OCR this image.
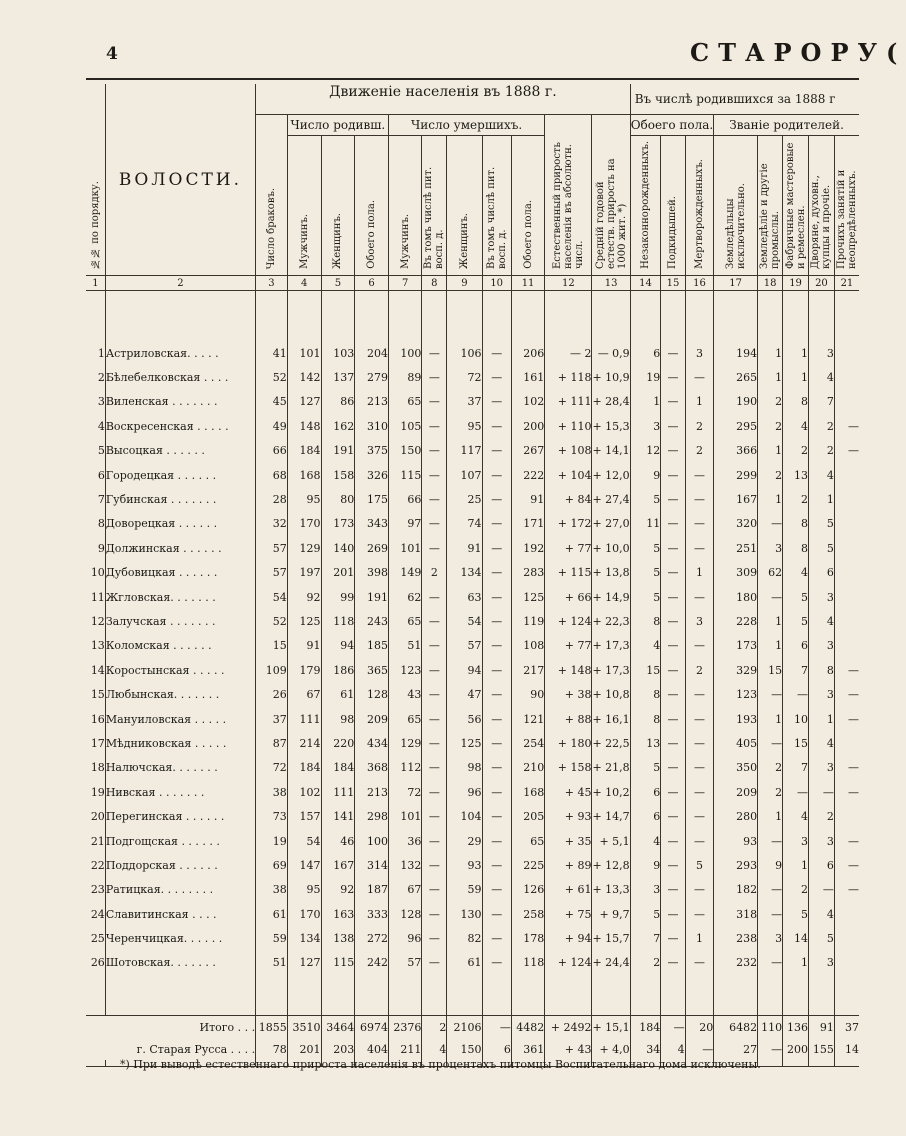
4	СТАРОРУ(
№№ по порядку.	ВОЛОСТИ.	Движеніе населенія въ 1888 г.											Въ числѣ родившихся за 1888 г							
		Число браковъ.	Число родивш.			Число умершихъ.					Естественный прирость населенія въ абсолютн. числ.	Средній годовой естеств. прирость на 1000 жит. *)	Обоего пола.			Званіе родителей.				
			Мужчинъ.	Женщинъ.	Обоего пола.	Мужчинъ.	Въ томъ числѣ пит. восп. д.	Женщинъ.	Въ томъ числѣ пит. восп. д.	Обоего пола.			Незаконнорожденныхъ.	Подкидышей.	Мертворожденныхъ.	Земледѣльцы исключительно.	Земледѣліе и другіе промыслы.	Фабричные мастеровые и ремеслен.	Дворяне, духовн., купцы и прочіе.	Прочихъ занятій и неопредѣленныхъ.
1	2	3	4	5	6	7	8	9	10	11	12	13	14	15	16	17	18	19	20	21

1	Астриловская. . . . .	41	101	103	204	100	—	106	—	206	— 2	— 0,9	6	—	3	194	1	1	3	
2	Бѣлебелковская . . . .	52	142	137	279	89	—	72	—	161	+ 118	+ 10,9	19	—	—	265	1	1	4	
3	Виленская . . . . . . .	45	127	86	213	65	—	37	—	102	+ 111	+ 28,4	1	—	1	190	2	8	7	
4	Воскресенская . . . . .	49	148	162	310	105	—	95	—	200	+ 110	+ 15,3	3	—	2	295	2	4	2	—
5	Высоцкая . . . . . .	66	184	191	375	150	—	117	—	267	+ 108	+ 14,1	12	—	2	366	1	2	2	—
6	Городецкая . . . . . .	68	168	158	326	115	—	107	—	222	+ 104	+ 12,0	9	—	—	299	2	13	4	
7	Губинская . . . . . . .	28	95	80	175	66	—	25	—	91	+ 84	+ 27,4	5	—	—	167	1	2	1	
8	Доворецкая . . . . . .	32	170	173	343	97	—	74	—	171	+ 172	+ 27,0	11	—	—	320	—	8	5	
9	Должинская . . . . . .	57	129	140	269	101	—	91	—	192	+ 77	+ 10,0	5	—	—	251	3	8	5	
10	Дубовицкая . . . . . .	57	197	201	398	149	2	134	—	283	+ 115	+ 13,8	5	—	1	309	62	4	6	
11	Жгловская. . . . . . .	54	92	99	191	62	—	63	—	125	+ 66	+ 14,9	5	—	—	180	—	5	3	
12	Залучская . . . . . . .	52	125	118	243	65	—	54	—	119	+ 124	+ 22,3	8	—	3	228	1	5	4	
13	Коломская . . . . . .	15	91	94	185	51	—	57	—	108	+ 77	+ 17,3	4	—	—	173	1	6	3	
14	Коростынская . . . . .	109	179	186	365	123	—	94	—	217	+ 148	+ 17,3	15	—	2	329	15	7	8	—
15	Любынская. . . . . . .	26	67	61	128	43	—	47	—	90	+ 38	+ 10,8	8	—	—	123	—	—	3	—
16	Мануиловская . . . . .	37	111	98	209	65	—	56	—	121	+ 88	+ 16,1	8	—	—	193	1	10	1	—
17	Мѣдниковская . . . . .	87	214	220	434	129	—	125	—	254	+ 180	+ 22,5	13	—	—	405	—	15	4	
18	Налючская. . . . . . .	72	184	184	368	112	—	98	—	210	+ 158	+ 21,8	5	—	—	350	2	7	3	—
19	Нивская . . . . . . .	38	102	111	213	72	—	96	—	168	+ 45	+ 10,2	6	—	—	209	2	—	—	—
20	Перегинская . . . . . .	73	157	141	298	101	—	104	—	205	+ 93	+ 14,7	6	—	—	280	1	4	2	
21	Подгощская . . . . . .	19	54	46	100	36	—	29	—	65	+ 35	+ 5,1	4	—	—	93	—	3	3	—
22	Поддорская . . . . . .	69	147	167	314	132	—	93	—	225	+ 89	+ 12,8	9	—	5	293	9	1	6	—
23	Ратицкая. . . . . . . .	38	95	92	187	67	—	59	—	126	+ 61	+ 13,3	3	—	—	182	—	2	—	—
24	Славитинская . . . .	61	170	163	333	128	—	130	—	258	+ 75	+ 9,7	5	—	—	318	—	5	4	
25	Черенчицкая. . . . . .	59	134	138	272	96	—	82	—	178	+ 94	+ 15,7	7	—	1	238	3	14	5	
26	Шотовская. . . . . . .	51	127	115	242	57	—	61	—	118	+ 124	+ 24,4	2	—	—	232	—	1	3	

Итого . . .		1855	3510	3464	6974	2376	2	2106	—	4482	+ 2492	+ 15,1	184	—	20	6482	110	136	91	37
г. Старая Русса . . . .		78	201	203	404	211	4	150	6	361	+ 43	+ 4,0	34	4	—	27	—	200	155	14

*) При выводѣ естественнаго прироста населенія въ процентахъ питомцы Воспитательнаго дома исключены.
